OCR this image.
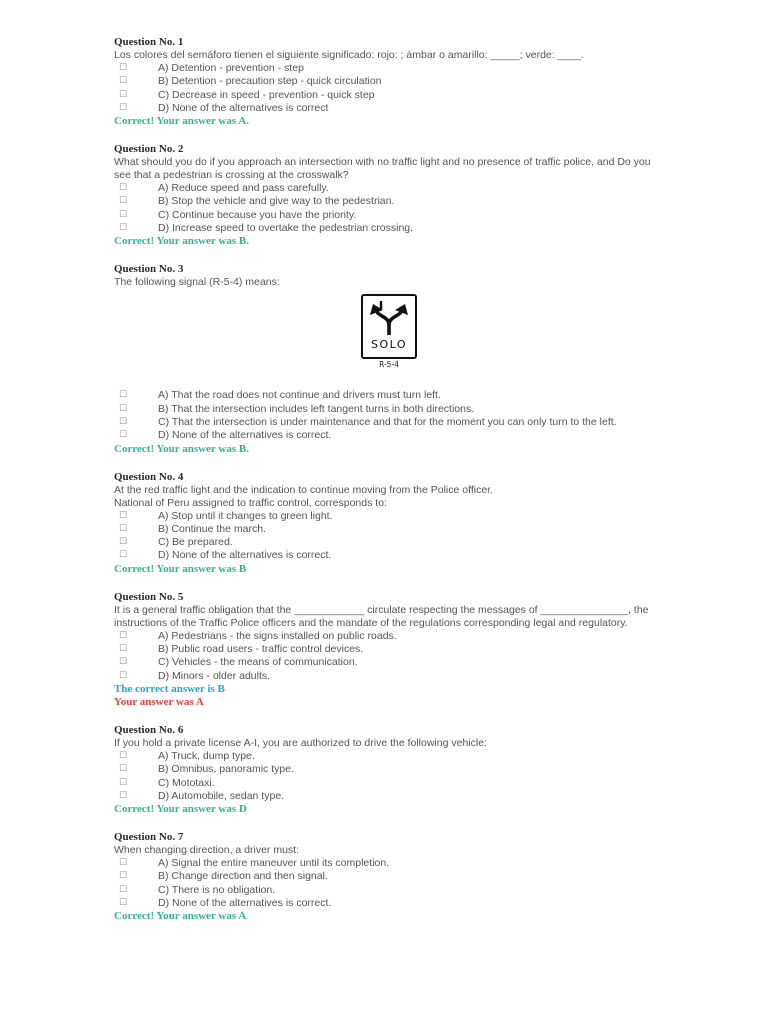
Question No. 1
Los colores del semáforo tienen el siguiente significado: rojo: ; ámbar o amarillo: _____; verde: ____.
☐	A) Detention - prevention - step
☐	B) Detention - precaution step - quick circulation
☐	C) Decrease in speed - prevention - quick step
☐	D) None of the alternatives is correct
Correct! Your answer was A.
Question No. 2
What should you do if you approach an intersection with no traffic light and no presence of traffic police, and Do you see that a pedestrian is crossing at the crosswalk?
☐	A) Reduce speed and pass carefully.
☐	B) Stop the vehicle and give way to the pedestrian.
☐	C) Continue because you have the priority.
☐	D) Increase speed to overtake the pedestrian crossing.
Correct! Your answer was B.
Question No. 3
The following signal (R-5-4) means:
SOLO
R-5-4
☐	A) That the road does not continue and drivers must turn left.
☐	B) That the intersection includes left tangent turns in both directions.
☐	C) That the intersection is under maintenance and that for the moment you can only turn to the left.
☐	D) None of the alternatives is correct.
Correct! Your answer was B.
Question No. 4
At the red traffic light and the indication to continue moving from the Police officer.
National of Peru assigned to traffic control, corresponds to:
☐	A) Stop until it changes to green light.
☐	B) Continue the march.
☐	C) Be prepared.
☐	D) None of the alternatives is correct.
Correct! Your answer was B
Question No. 5
It is a general traffic obligation that the ____________ circulate respecting the messages of _______________, the instructions of the Traffic Police officers and the mandate of the regulations corresponding legal and regulatory.
☐	A) Pedestrians - the signs installed on public roads.
☐	B) Public road users - traffic control devices.
☐	C) Vehicles - the means of communication.
☐	D) Minors - older adults.
The correct answer is B
Your answer was A
Question No. 6
If you hold a private license A-I, you are authorized to drive the following vehicle:
☐	A) Truck, dump type.
☐	B) Omnibus, panoramic type.
☐	C) Mototaxi.
☐	D) Automobile, sedan type.
Correct! Your answer was D
Question No. 7
When changing direction, a driver must:
☐	A) Signal the entire maneuver until its completion.
☐	B) Change direction and then signal.
☐	C) There is no obligation.
☐	D) None of the alternatives is correct.
Correct! Your answer was A
